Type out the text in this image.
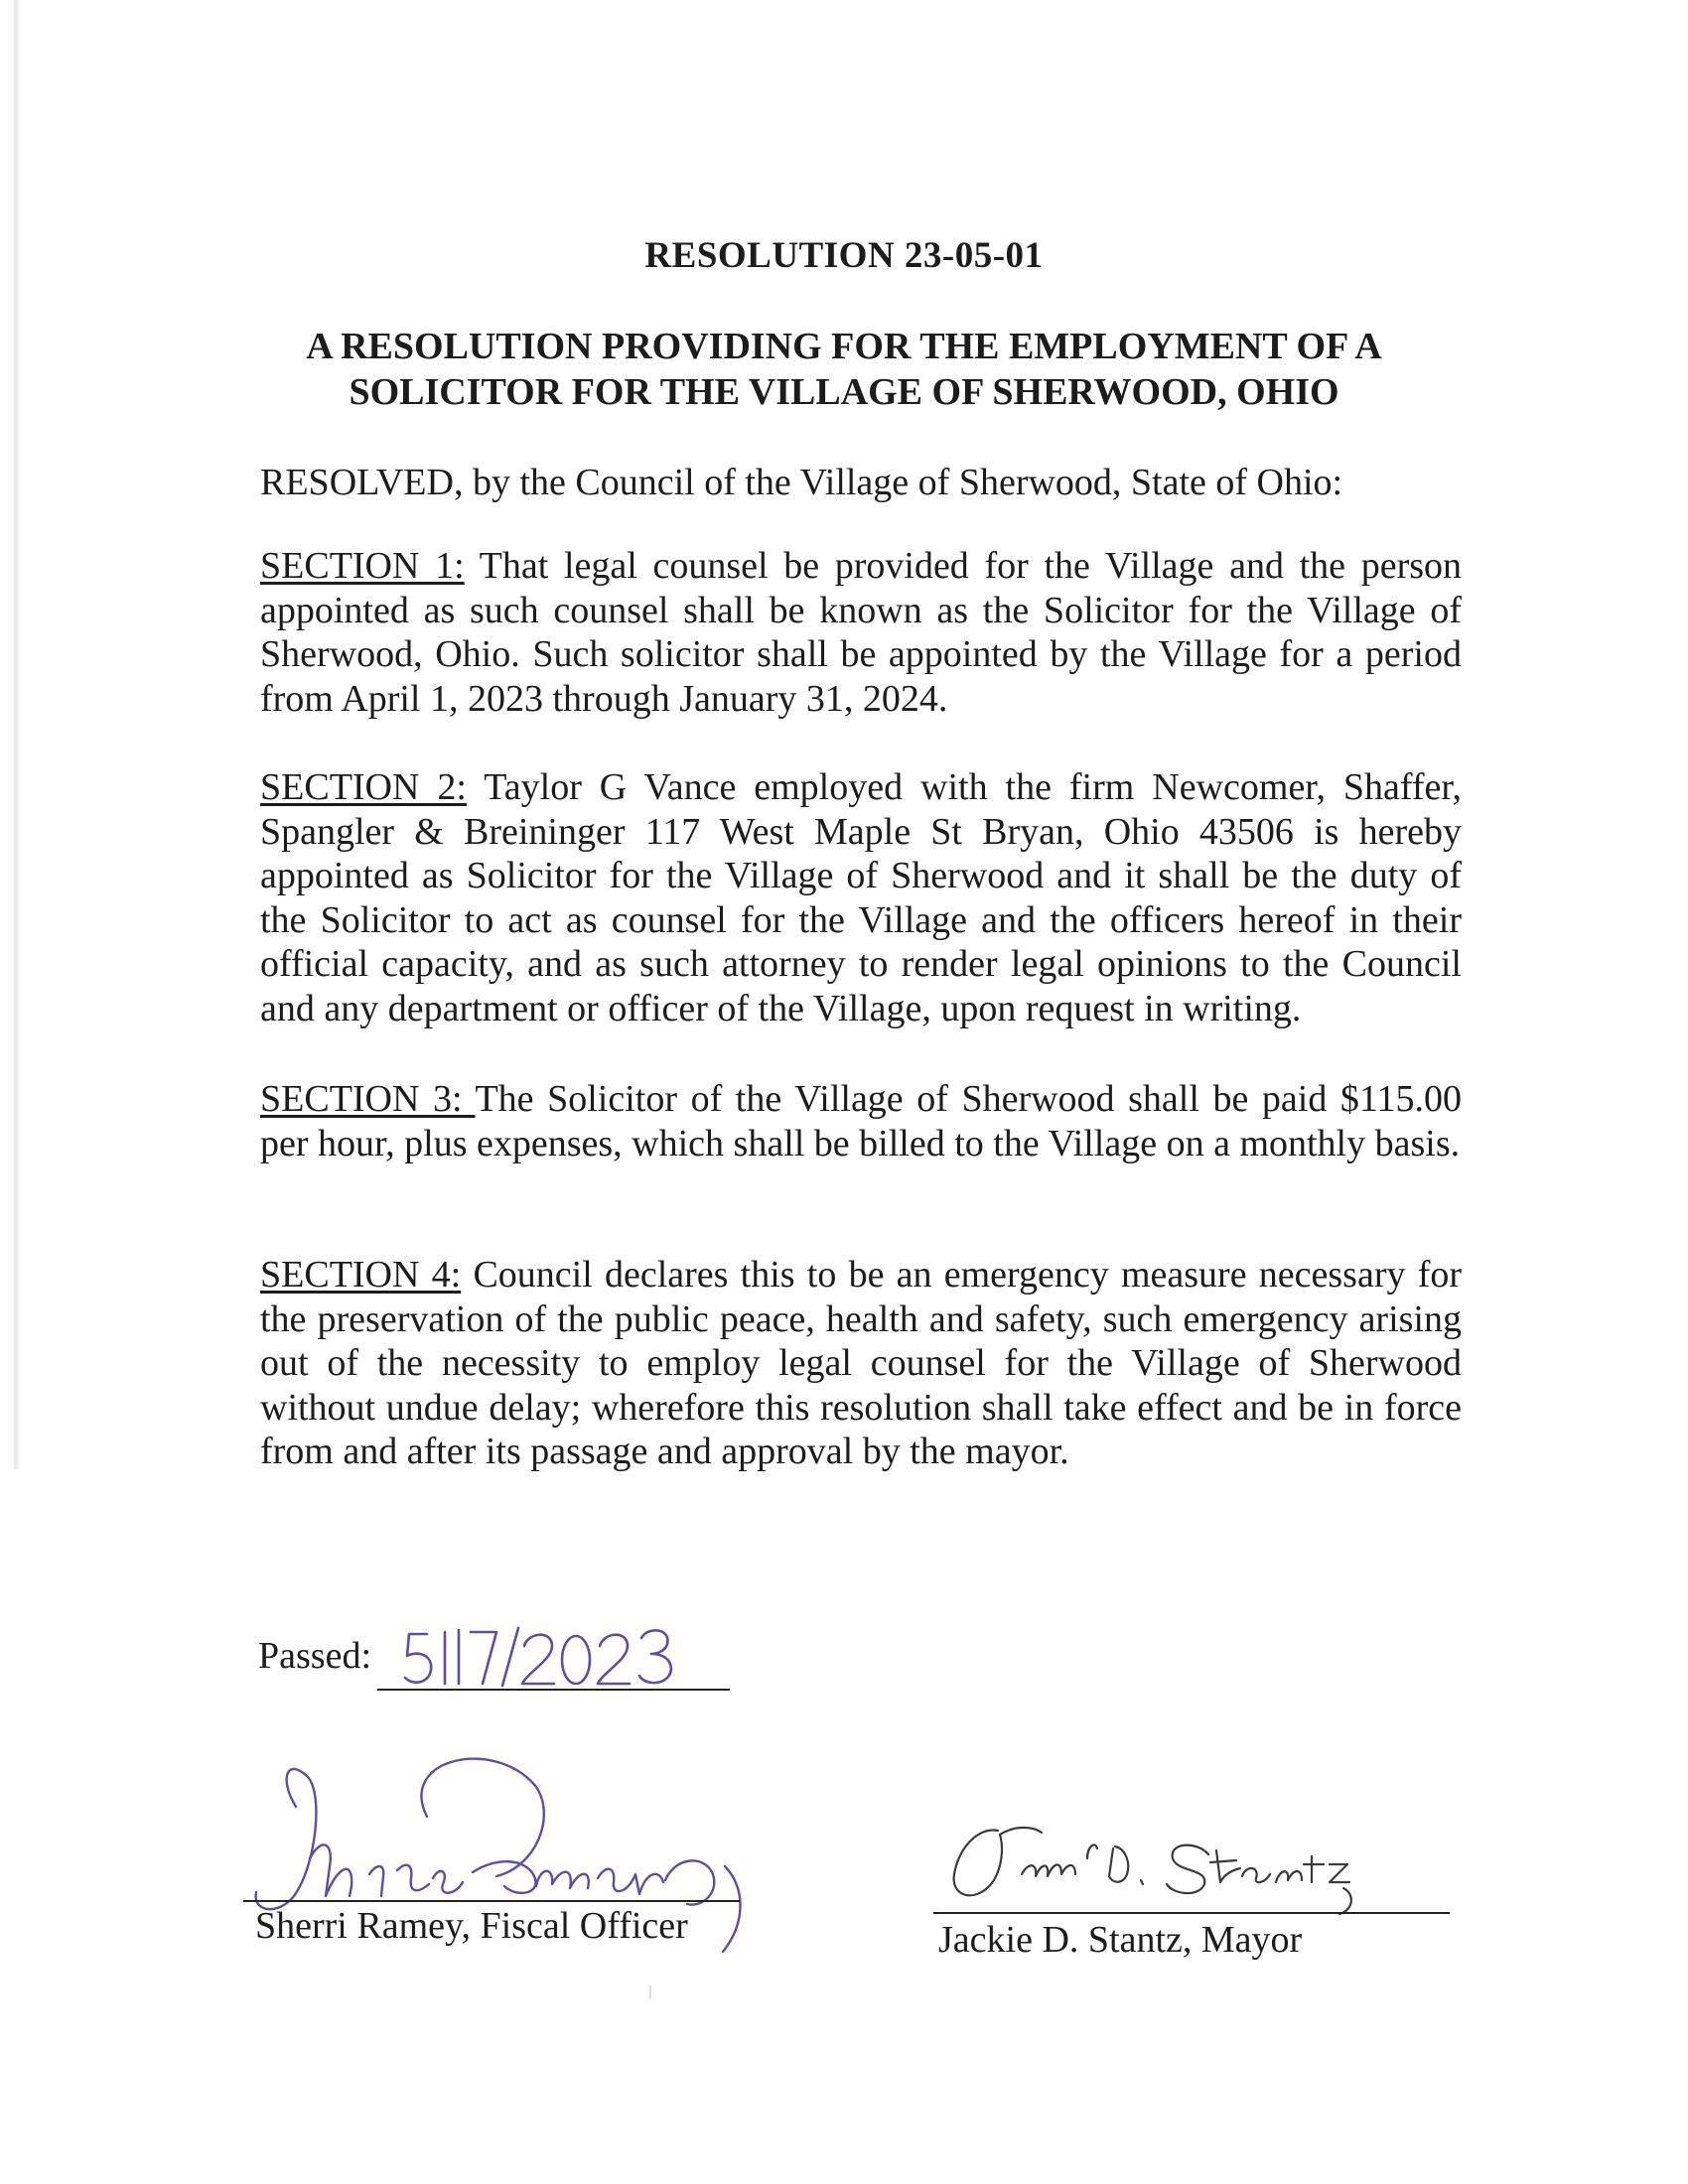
RESOLUTION 23-05-01
A RESOLUTION PROVIDING FOR THE EMPLOYMENT OF A
SOLICITOR FOR THE VILLAGE OF SHERWOOD, OHIO
RESOLVED, by the Council of the Village of Sherwood, State of Ohio:
SECTION 1: That legal counsel be provided for the Village and the person appointed as such counsel shall be known as the Solicitor for the Village of Sherwood, Ohio. Such solicitor shall be appointed by the Village for a period from April 1, 2023 through January 31, 2024.
SECTION 2: Taylor G Vance employed with the firm Newcomer, Shaffer, Spangler & Breininger 117 West Maple St Bryan, Ohio 43506 is hereby appointed as Solicitor for the Village of Sherwood and it shall be the duty of the Solicitor to act as counsel for the Village and the officers hereof in their official capacity, and as such attorney to render legal opinions to the Council and any department or officer of the Village, upon request in writing.
SECTION 3: The Solicitor of the Village of Sherwood shall be paid $115.00 per hour, plus expenses, which shall be billed to the Village on a monthly basis.
SECTION 4: Council declares this to be an emergency measure necessary for the preservation of the public peace, health and safety, such emergency arising out of the necessity to employ legal counsel for the Village of Sherwood without undue delay; wherefore this resolution shall take effect and be in force from and after its passage and approval by the mayor.
Passed:
Sherri Ramey, Fiscal Officer	Jackie D. Stantz, Mayor
